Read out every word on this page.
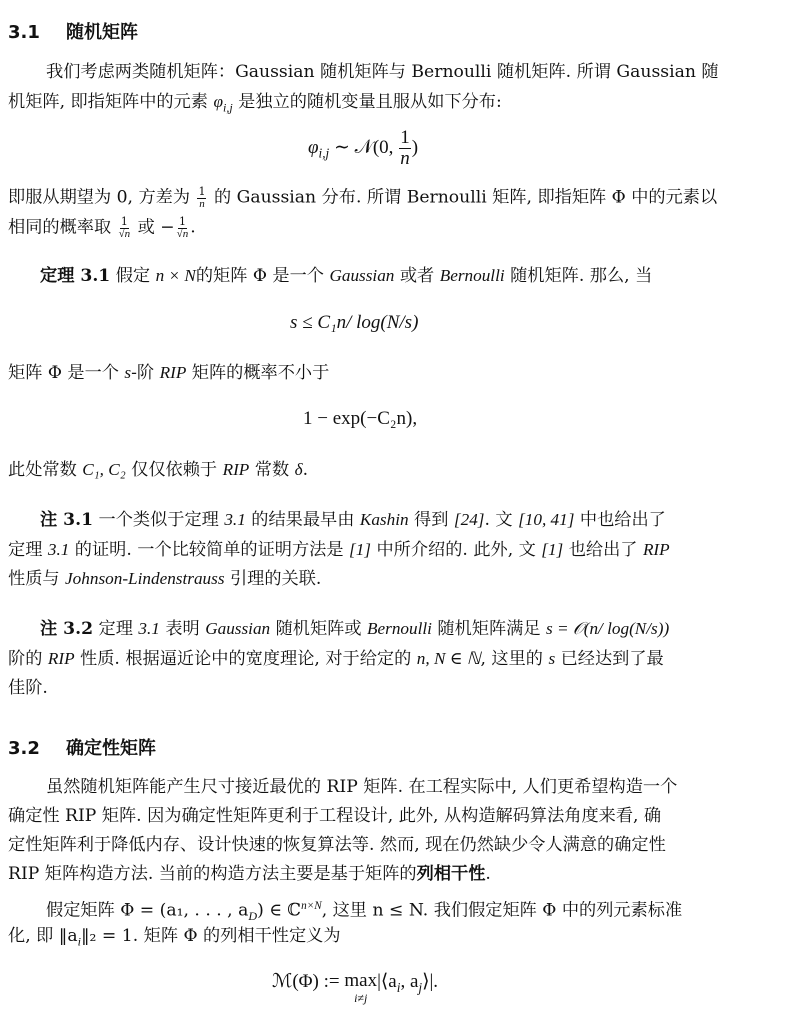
3.1 随机矩阵
我们考虑两类随机矩阵：Gaussian 随机矩阵与 Bernoulli 随机矩阵. 所谓 Gaussian 随
机矩阵, 即指矩阵中的元素 $\varphi_{i,j}$ 是独立的随机变量且服从如下分布:
$\varphi_{i,j}$ ∼ 𝒩(0, $\frac{1}{n}$ )
即服从期望为 0, 方差为 $\frac{1}{n}$ 的 Gaussian 分布. 所谓 Bernoulli 矩阵, 即指矩阵 Φ 中的元素以
相同的概率取 $\frac{1}{√n}$ 或 − $\frac{1}{√n}$ .
定理 3.1 假定 n × N的矩阵 Φ 是一个 Gaussian 或者 Bernoulli 随机矩阵. 那么, 当
s ≤ C₁n/ log(N/s)
矩阵 Φ 是一个 s-阶 RIP 矩阵的概率不小于
1 − exp(−C₂n),
此处常数 C₁, C₂ 仅仅依赖于 RIP 常数 δ.
注 3.1 一个类似于定理 3.1 的结果最早由 Kashin 得到 [24]. 文 [10, 41] 中也给出了
定理 3.1 的证明. 一个比较简单的证明方法是 [1] 中所介绍的. 此外, 文 [1] 也给出了 RIP
性质与 Johnson-Lindenstrauss 引理的关联.
注 3.2 定理 3.1 表明 Gaussian 随机矩阵或 Bernoulli 随机矩阵满足 s = 𝒪(n/ log(N/s))
阶的 RIP 性质. 根据逼近论中的宽度理论, 对于给定的 n, N ∈ ℕ, 这里的 s 已经达到了最
佳阶.
3.2 确定性矩阵
虽然随机矩阵能产生尺寸接近最优的 RIP 矩阵. 在工程实际中, 人们更希望构造一个
确定性 RIP 矩阵. 因为确定性矩阵更利于工程设计, 此外, 从构造解码算法角度来看, 确
定性矩阵利于降低内存、设计快速的恢复算法等. 然而, 现在仍然缺少令人满意的确定性
RIP 矩阵构造方法. 当前的构造方法主要是基于矩阵的列相干性.
假定矩阵 Φ = (a₁, . . . , $a_D$) ∈ ℂ$^{n\times N}$, 这里 n ≤ N. 我们假定矩阵 Φ 中的列元素标准
化, 即 $‖a_i‖_2 = 1$. 矩阵 Φ 的列相干性定义为
ℳ(Φ) := max
i≠j
$|⟨a_i$, $a_j⟩|$.
